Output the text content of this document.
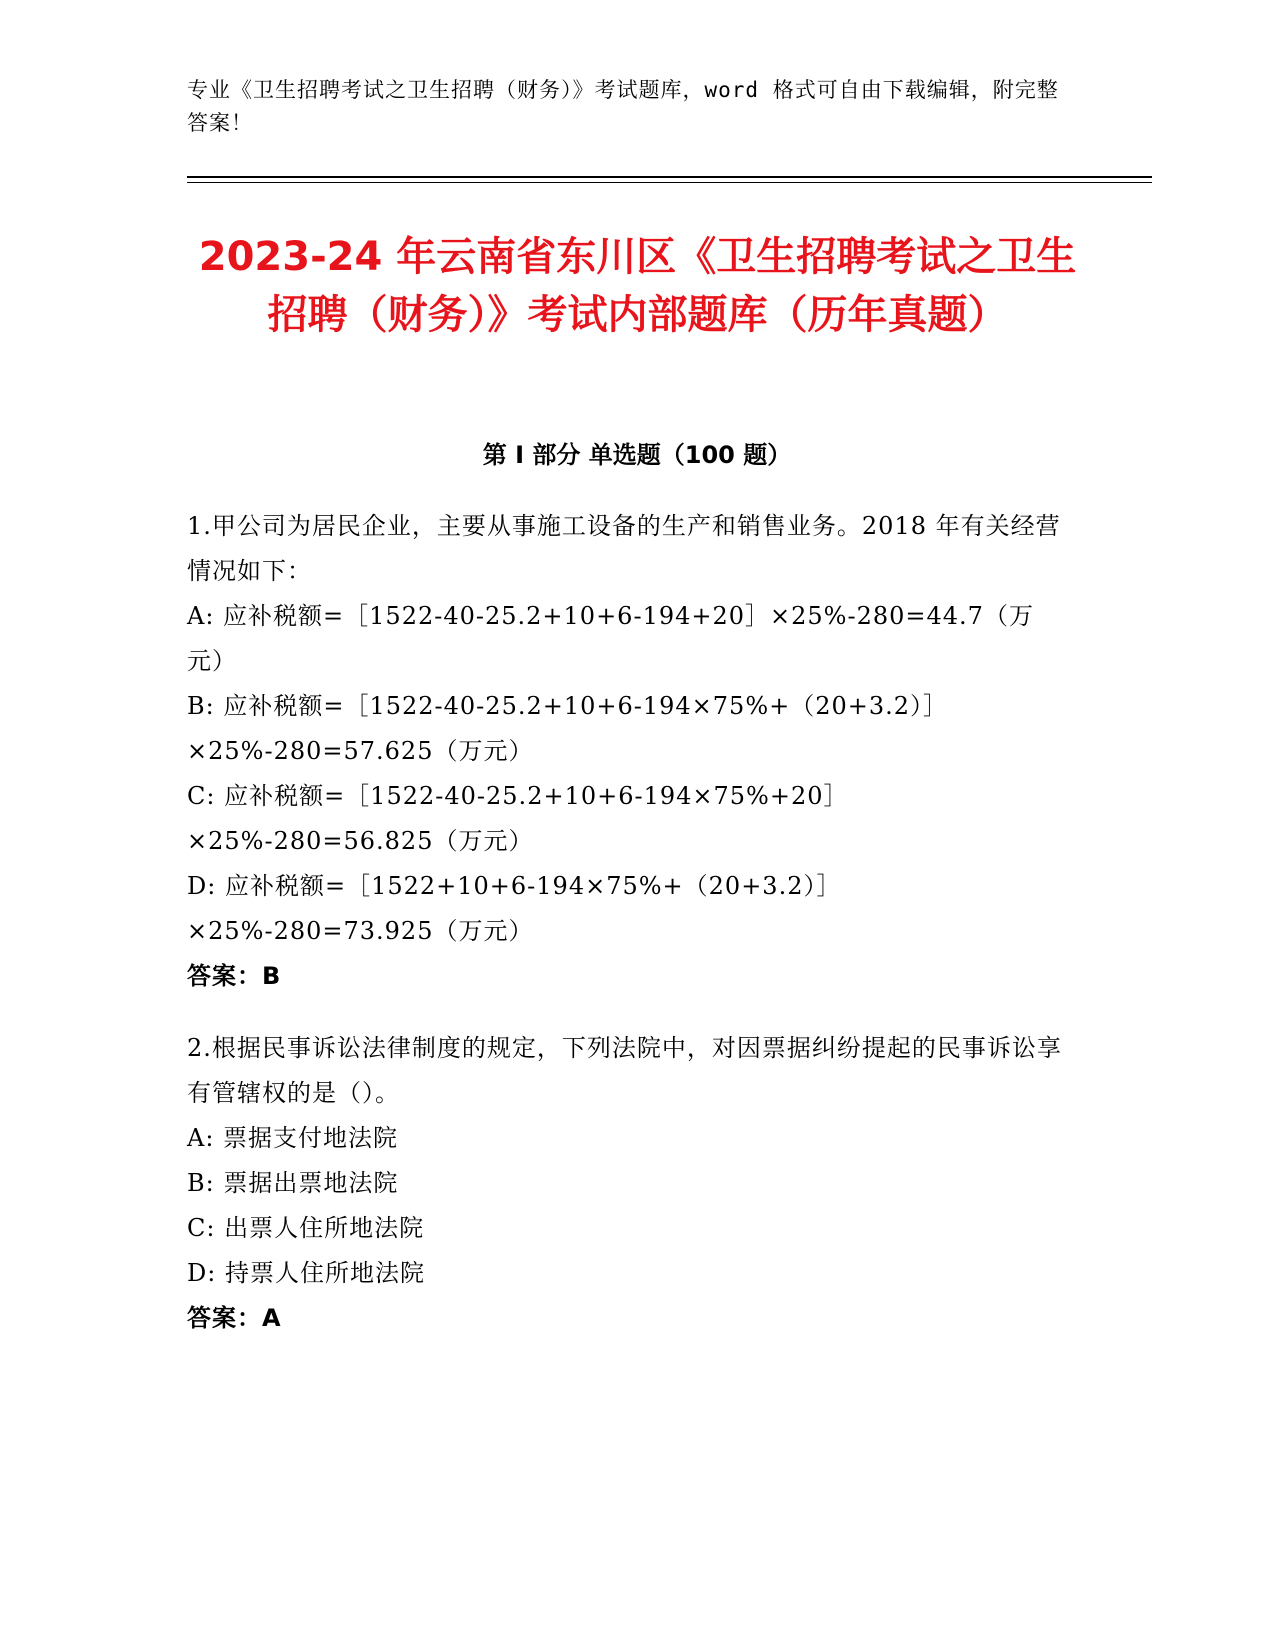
专业《卫生招聘考试之卫生招聘（财务）》考试题库，word 格式可自由下载编辑，附完整答案！
2023-24 年云南省东川区《卫生招聘考试之卫生招聘（财务）》考试内部题库（历年真题）
第 I 部分 单选题（100 题）
1.甲公司为居民企业，主要从事施工设备的生产和销售业务。2018 年有关经营情况如下：
A: 应补税额=［1522-40-25.2+10+6-194+20］×25%-280=44.7（万元）
B: 应补税额=［1522-40-25.2+10+6-194×75%+（20+3.2）］×25%-280=57.625（万元）
C: 应补税额=［1522-40-25.2+10+6-194×75%+20］×25%-280=56.825（万元）
D: 应补税额=［1522+10+6-194×75%+（20+3.2）］×25%-280=73.925（万元）
答案：B
2.根据民事诉讼法律制度的规定，下列法院中，对因票据纠纷提起的民事诉讼享有管辖权的是（）。
A: 票据支付地法院
B: 票据出票地法院
C: 出票人住所地法院
D: 持票人住所地法院
答案：A
